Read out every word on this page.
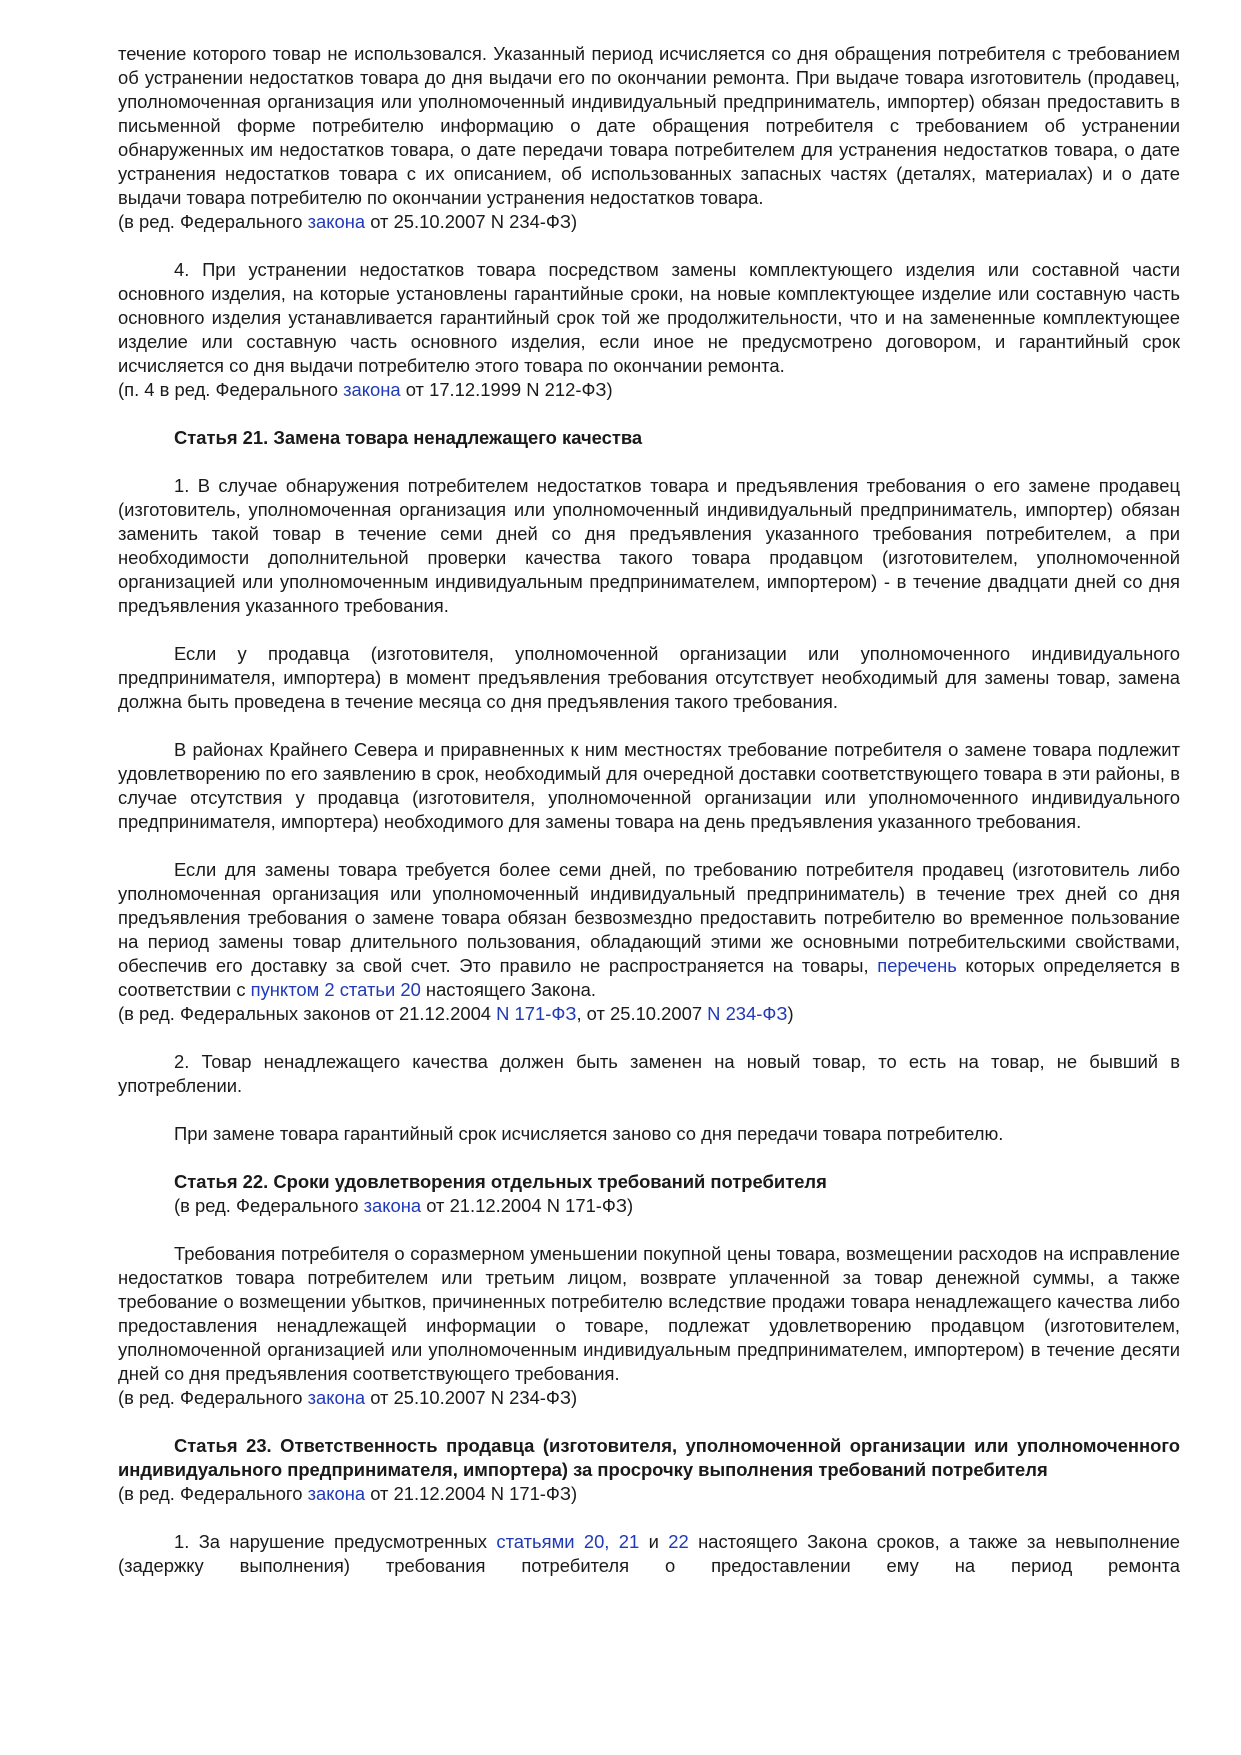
течение которого товар не использовался. Указанный период исчисляется со дня обращения потребителя с требованием об устранении недостатков товара до дня выдачи его по окончании ремонта. При выдаче товара изготовитель (продавец, уполномоченная организация или уполномоченный индивидуальный предприниматель, импортер) обязан предоставить в письменной форме потребителю информацию о дате обращения потребителя с требованием об устранении обнаруженных им недостатков товара, о дате передачи товара потребителем для устранения недостатков товара, о дате устранения недостатков товара с их описанием, об использованных запасных частях (деталях, материалах) и о дате выдачи товара потребителю по окончании устранения недостатков товара.

(в ред. Федерального закона от 25.10.2007 N 234-ФЗ)

4. При устранении недостатков товара посредством замены комплектующего изделия или составной части основного изделия, на которые установлены гарантийные сроки, на новые комплектующее изделие или составную часть основного изделия устанавливается гарантийный срок той же продолжительности, что и на замененные комплектующее изделие или составную часть основного изделия, если иное не предусмотрено договором, и гарантийный срок исчисляется со дня выдачи потребителю этого товара по окончании ремонта.

(п. 4 в ред. Федерального закона от 17.12.1999 N 212-ФЗ)

Статья 21. Замена товара ненадлежащего качества

1. В случае обнаружения потребителем недостатков товара и предъявления требования о его замене продавец (изготовитель, уполномоченная организация или уполномоченный индивидуальный предприниматель, импортер) обязан заменить такой товар в течение семи дней со дня предъявления указанного требования потребителем, а при необходимости дополнительной проверки качества такого товара продавцом (изготовителем, уполномоченной организацией или уполномоченным индивидуальным предпринимателем, импортером) - в течение двадцати дней со дня предъявления указанного требования.

Если у продавца (изготовителя, уполномоченной организации или уполномоченного индивидуального предпринимателя, импортера) в момент предъявления требования отсутствует необходимый для замены товар, замена должна быть проведена в течение месяца со дня предъявления такого требования.

В районах Крайнего Севера и приравненных к ним местностях требование потребителя о замене товара подлежит удовлетворению по его заявлению в срок, необходимый для очередной доставки соответствующего товара в эти районы, в случае отсутствия у продавца (изготовителя, уполномоченной организации или уполномоченного индивидуального предпринимателя, импортера) необходимого для замены товара на день предъявления указанного требования.

Если для замены товара требуется более семи дней, по требованию потребителя продавец (изготовитель либо уполномоченная организация или уполномоченный индивидуальный предприниматель) в течение трех дней со дня предъявления требования о замене товара обязан безвозмездно предоставить потребителю во временное пользование на период замены товар длительного пользования, обладающий этими же основными потребительскими свойствами, обеспечив его доставку за свой счет. Это правило не распространяется на товары, перечень которых определяется в соответствии с пунктом 2 статьи 20 настоящего Закона.

(в ред. Федеральных законов от 21.12.2004 N 171-ФЗ, от 25.10.2007 N 234-ФЗ)

2. Товар ненадлежащего качества должен быть заменен на новый товар, то есть на товар, не бывший в употреблении.

При замене товара гарантийный срок исчисляется заново со дня передачи товара потребителю.

Статья 22. Сроки удовлетворения отдельных требований потребителя

(в ред. Федерального закона от 21.12.2004 N 171-ФЗ)

Требования потребителя о соразмерном уменьшении покупной цены товара, возмещении расходов на исправление недостатков товара потребителем или третьим лицом, возврате уплаченной за товар денежной суммы, а также требование о возмещении убытков, причиненных потребителю вследствие продажи товара ненадлежащего качества либо предоставления ненадлежащей информации о товаре, подлежат удовлетворению продавцом (изготовителем, уполномоченной организацией или уполномоченным индивидуальным предпринимателем, импортером) в течение десяти дней со дня предъявления соответствующего требования.

(в ред. Федерального закона от 25.10.2007 N 234-ФЗ)

Статья 23. Ответственность продавца (изготовителя, уполномоченной организации или уполномоченного индивидуального предпринимателя, импортера) за просрочку выполнения требований потребителя

(в ред. Федерального закона от 21.12.2004 N 171-ФЗ)

1. За нарушение предусмотренных статьями 20, 21 и 22 настоящего Закона сроков, а также за невыполнение (задержку выполнения) требования потребителя о предоставлении ему на период ремонта
